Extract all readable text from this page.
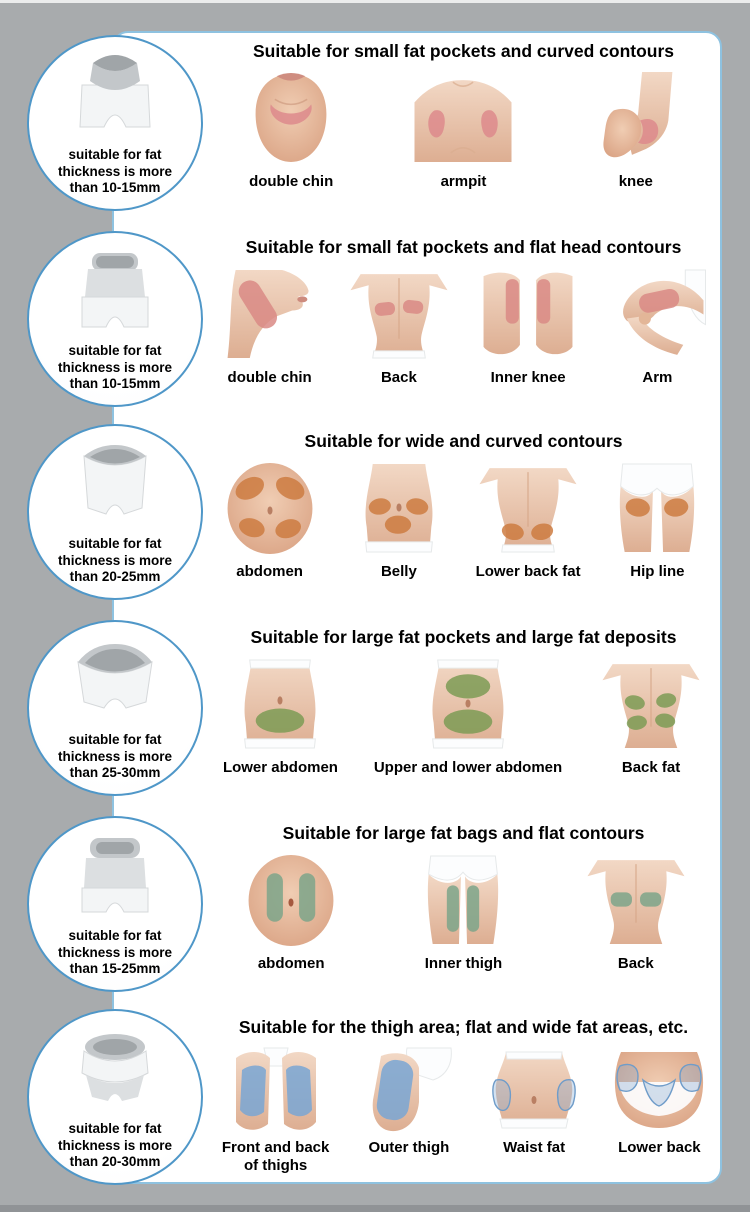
suitable for fat thickness is more than 10-15mm
suitable for fat thickness is more than 10-15mm
suitable for fat thickness is more than 20-25mm
suitable for fat thickness is more than 25-30mm
suitable for fat thickness is more than 15-25mm
suitable for fat thickness is more than 20-30mm
Suitable for small fat pockets and curved contours
double chin	armpit	knee
Suitable for small fat pockets and flat head contours
double chin	Back	Inner knee	Arm
Suitable for wide and curved contours
abdomen	Belly	Lower back fat	Hip line
Suitable for large fat pockets and large fat deposits
Lower abdomen Upper and lower abdomen	Back fat
Suitable for large fat bags and flat contours
abdomen	Inner thigh	Back
Suitable for the thigh area; flat and wide fat areas, etc.
Front and back of thighs
Outer thigh	Waist fat	Lower back
